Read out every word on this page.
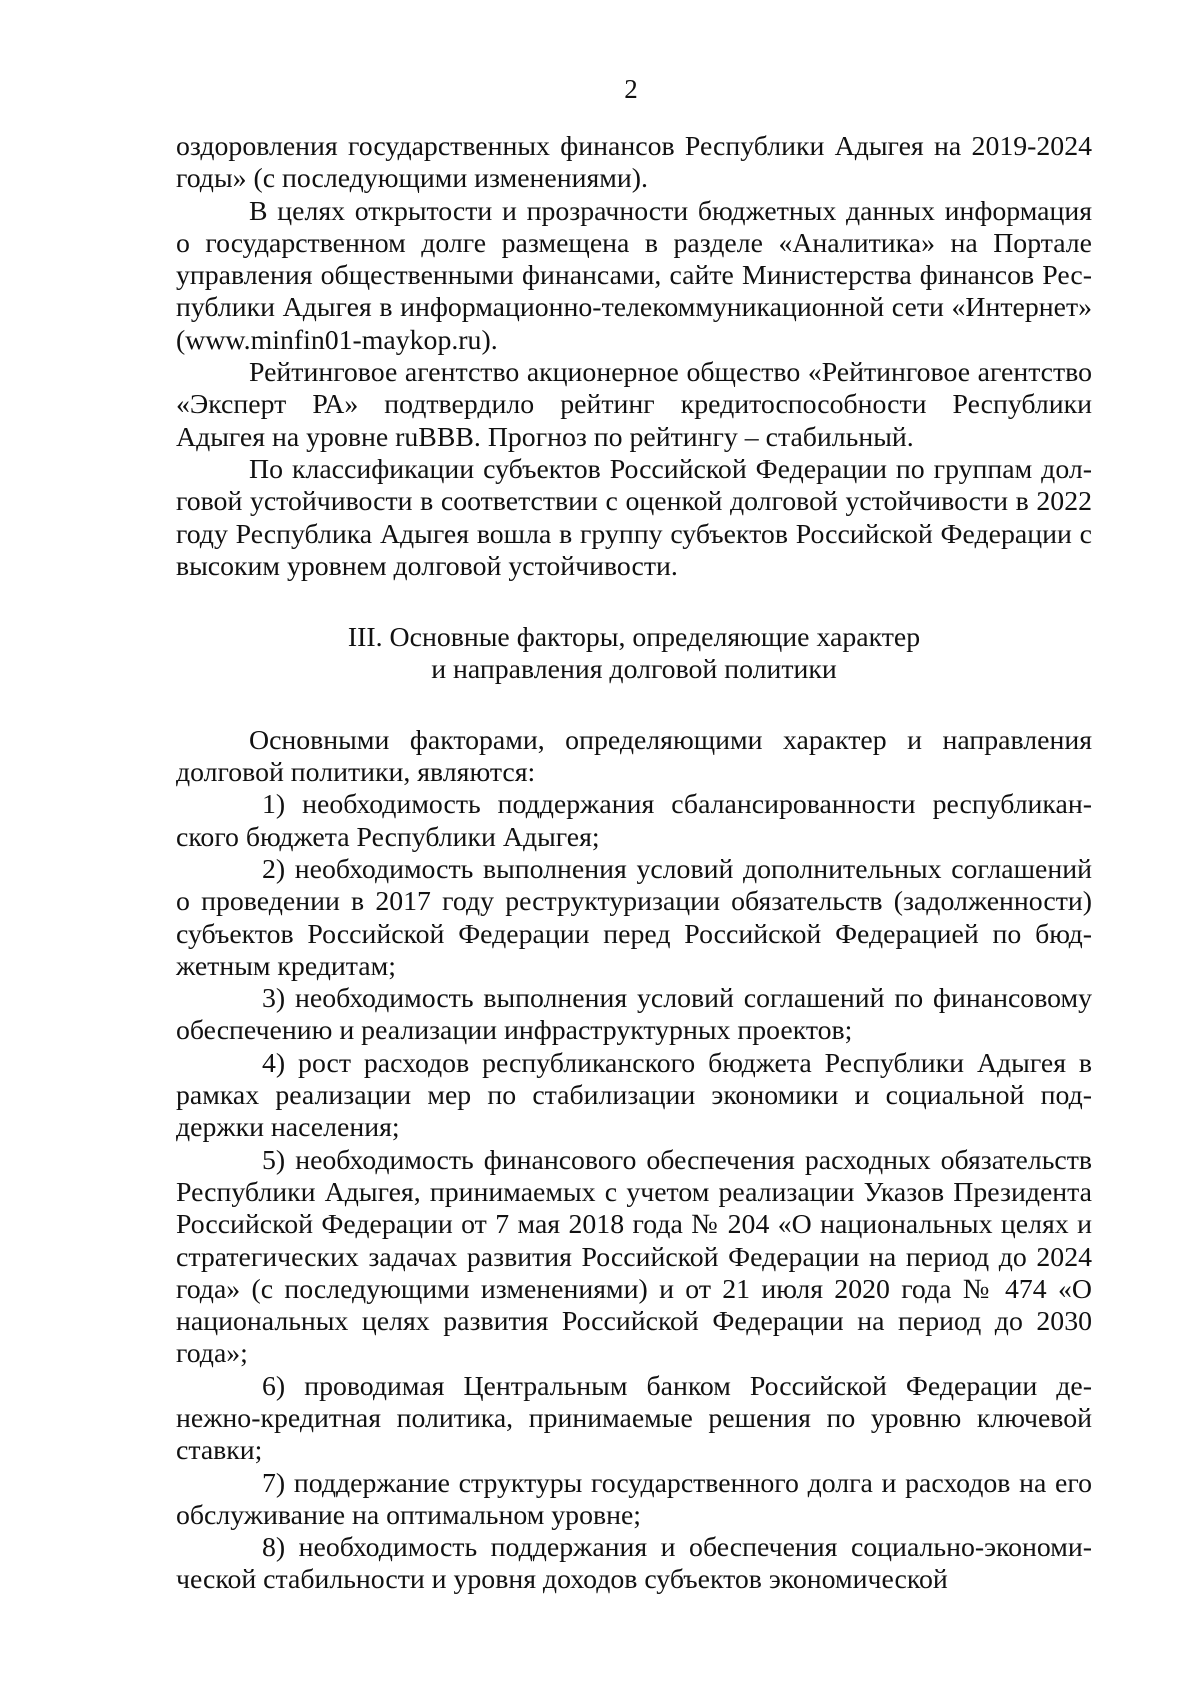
2

оздоровления государственных финансов Республики Адыгея на 2019-2024 годы» (с последующими изменениями).

В целях открытости и прозрачности бюджетных данных информация о государственном долге размещена в разделе «Аналитика» на Портале управления общественными финансами, сайте Министерства финансов Республики Адыгея в информационно-телекоммуникационной сети «Интернет» (www.minfin01-maykop.ru).

Рейтинговое агентство акционерное общество «Рейтинговое агентство «Эксперт РА» подтвердило рейтинг кредитоспособности Республики Адыгея на уровне ruBBB. Прогноз по рейтингу – стабильный.

По классификации субъектов Российской Федерации по группам долговой устойчивости в соответствии с оценкой долговой устойчивости в 2022 году Республика Адыгея вошла в группу субъектов Российской Федерации с высоким уровнем долговой устойчивости.

III. Основные факторы, определяющие характер
и направления долговой политики

Основными факторами, определяющими характер и направления долговой политики, являются:

1) необходимость поддержания сбалансированности республиканского бюджета Республики Адыгея;

2) необходимость выполнения условий дополнительных соглашений о проведении в 2017 году реструктуризации обязательств (задолженности) субъектов Российской Федерации перед Российской Федерацией по бюджетным кредитам;

3) необходимость выполнения условий соглашений по финансовому обеспечению и реализации инфраструктурных проектов;

4) рост расходов республиканского бюджета Республики Адыгея в рамках реализации мер по стабилизации экономики и социальной поддержки населения;

5) необходимость финансового обеспечения расходных обязательств Республики Адыгея, принимаемых с учетом реализации Указов Президента Российской Федерации от 7 мая 2018 года № 204 «О национальных целях и стратегических задачах развития Российской Федерации на период до 2024 года» (с последующими изменениями) и от 21 июля 2020 года № 474 «О национальных целях развития Российской Федерации на период до 2030 года»;

6) проводимая Центральным банком Российской Федерации денежно-кредитная политика, принимаемые решения по уровню ключевой ставки;

7) поддержание структуры государственного долга и расходов на его обслуживание на оптимальном уровне;

8) необходимость поддержания и обеспечения социально-экономической стабильности и уровня доходов субъектов экономической
